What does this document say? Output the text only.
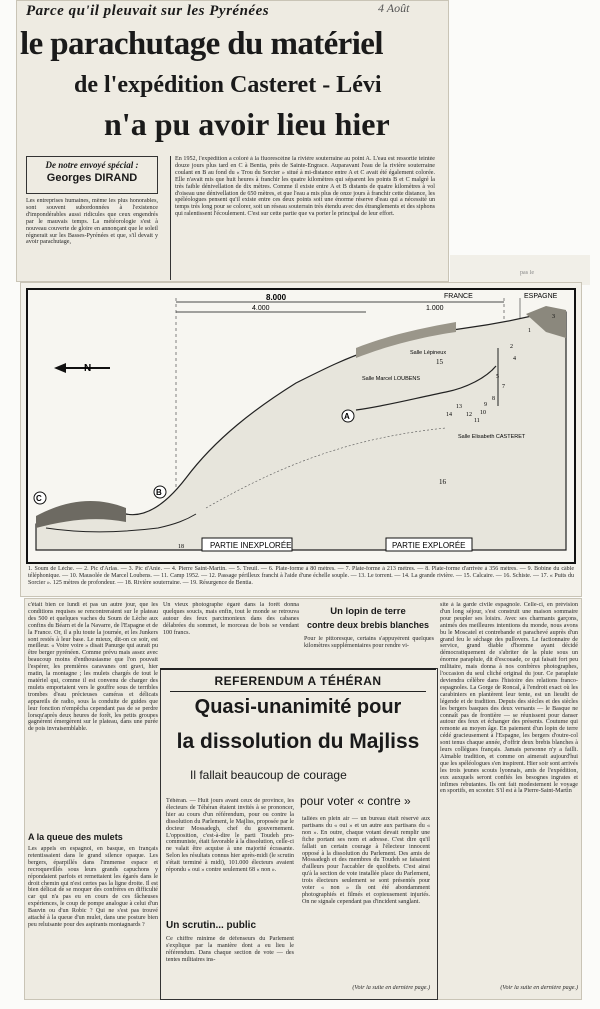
Parce qu'il pleuvait sur les Pyrénées	4 Août
le parachutage du matériel
de l'expédition Casteret - Lévi
n'a pu avoir lieu hier
De notre envoyé spécial :
Georges DIRAND
Les entreprises humaines, même les plus honorables, sont souvent subordonnées à l'existence d'impondérables aussi ridicules que ceux engendrés par le mauvais temps. La météorologie s'est à nouveau couverte de gloire en annonçant que le soleil régnerait sur les Basses-Pyrénées et que, s'il devait y avoir parachutage,
En 1952, l'expédition a coloré à la fluorescéine la rivière souterraine au point A. L'eau est ressortie teintée douze jours plus tard en C à Bentia, près de Sainte-Engrace. Auparavant l'eau de la rivière souterraine coulant en B au fond du « Trou du Sorcier » situé à mi-distance entre A et C avait été également colorée. Elle n'avait mis que huit heures à franchir les quatre kilomètres qui séparent les points B et C malgré la très faible dénivellation de dix mètres. Comme il existe entre A et B distants de quatre kilomètres à vol d'oiseau une dénivellation de 650 mètres, et que l'eau a mis plus de onze jours à franchir cette distance, les spéléologues pensent qu'il existe entre ces deux points soit une énorme réserve d'eau qui a nécessité un temps très long pour se colorer, soit un réseau souterrain très étendu avec des étranglements et des siphons qui ralentissent l'écoulement. C'est sur cette partie que va porter le principal de leur effort.
pas le
8.000
4.000	1.000
FRANCE	ESPAGNE
N
A
B
C
Salle Lépineux
Salle Marcel LOUBENS
Salle Elisabeth CASTERET
15
16
2
3
1
5
7
8
9
10
11
12
13
14
4
18	PARTIE INEXPLORÉE	PARTIE EXPLORÉE
1. Soum de Lèche. — 2. Pic d'Arlas. — 3. Pic d'Anie. — 4. Pierre Saint-Martin. — 5. Treuil. — 6. Plate-forme à 80 mètres. — 7. Plate-forme à 213 mètres. — 8. Plate-forme d'arrivée à 356 mètres. — 9. Bobine du câble téléphonique. — 10. Mausolée de Marcel Loubens. — 11. Camp 1952. — 12. Passage périlleux franchi à l'aide d'une échelle souple. — 13. Le torrent. — 14. La grande rivière. — 15. Calcaire. — 16. Schiste. — 17. « Puits du Sorcier ». 125 mètres de profondeur. — 18. Rivière souterraine. — 19. Résurgence de Bentia.
c'était bien ce lundi et pas un autre jour, que les conditions requises se rencontreraient sur le plateau des 500 et quelques vaches du Soum de Lèche aux confins du Béarn et de la Navarre, de l'Espagne et de la France. Or, il a plu toute la journée, et les Junkers sont restés à leur base. Le mieux, dit-on ce soir, est meilleur. « Voire voire » disait Panurge qui aurait pu être berger pyrénéen. Comme prévu mais assez avec beaucoup moins d'enthousiasme que l'on pouvait l'espérer, les premières caravanes ont gravi, hier matin, la montagne ; les mulets chargés de tout le matériel qui, comme il est convenu de charger des mulets emportaient vers le gouffre sous de terribles trombes d'eau précieuses caméras et délicats appareils de radio, sous la conduite de guides que leur fonction n'empêcha cependant pas de se perdre lorsqu'après deux heures de forêt, les petits groupes gagnèrent émergèrent sur le plateau, dans une purée de pois invraisemblable.
A la queue des mulets
Les appels en espagnol, en basque, en français retentissaient dans le grand silence opaque. Les bergers, éparpillés dans l'immense espace et recroquevillés sous leurs grands capuchons y répondaient parfois et remettaient les égarés dans le droit chemin qui n'est certes pas la ligne droite. Il est bien délicat de se moquer des confrères en difficulté car qui n'a pas eu en cours de ces fâcheuses expériences, le coup de pompe analogue à celui d'un Bauvin ou d'un Robic ? Qui ne s'est pas trouvé attaché à la queue d'un mulet, dans une posture bien peu reluisante pour des aspirants montagnards ?
Un vieux photographe égaré dans la forêt donna quelques soucis, mais enfin, tout le monde se retrouva autour des feux parcimonieux dans des cabanes délabrées du sommet, le morceau de bois se vendant 100 francs.
Un lopin de terre
contre deux brebis blanches
Pour le pittoresque, certains s'appuyèrent quelques kilomètres supplémentaires pour rendre vi-
site à la garde civile espagnole. Celle-ci, en prévision d'un long séjour, s'est construit une maison sommaire pour peupler ses loisirs. Avec ses charmants garçons, animés des meilleures intentions du monde, nous avons bu le Moscatel et contrebande et parachevé auprès d'un grand feu le séchage des pullovers. Le factionnaire de service, grand diable d'homme ayant décidé démocratiquement de s'abriter de la pluie sous un énorme parapluie, dit d'escouade, ce qui faisait fort peu militaire, mais donna à nos confrères photographes, l'occasion du seul cliché original du jour. Ce parapluie deviendra célèbre dans l'histoire des relations franco-espagnoles. La Gorge de Roncal, à l'endroit exact où les carabiniers en plantèrent leur tente, est un lieudit de légende et de tradition. Depuis des siècles et des siècles les bergers basques des deux versants — le Basque ne connaît pas de frontière — se réunissent pour danser autour des feux et échanger des présents. Coutume qui remonte au moyen âge. En paiement d'un lopin de terre cédé gracieusement à l'Espagne, les bergers d'outre-col sont tenus chaque année, d'offrir deux brebis blanches à leurs collègues français. Jamais personne n'y a failli. Aimable tradition, et comme on aimerait aujourd'hui que les spéléologues s'en inspirent. Hier soir sont arrivés les trois jeunes scouts lyonnais, amis de l'expédition, eux auxquels seront confiés les besognes ingrates et infimes rebutantes. Ils ont fait modestement le voyage en sportifs, en scooter. S'il est à la Pierre-Saint-Martin
(Voir la suite en dernière page.)
REFERENDUM A TÉHÉRAN
Quasi-unanimité pour
la dissolution du Majliss
Il fallait beaucoup de courage
pour voter « contre »
Téhéran. — Huit jours avant ceux de province, les électeurs de Téhéran étaient invités à se prononcer, hier au cours d'un référendum, pour ou contre la dissolution du Parlement, le Majliss, proposée par le docteur Mossadegh, chef du gouvernement. L'opposition, c'est-à-dire le parti Toudeh pro-communiste, était favorable à la dissolution, celle-ci ne valait être acquise à une majorité écrasante. Selon les résultats connus hier après-midi (le scrutin s'était terminé à midi), 101.000 électeurs avaient répondu « oui » contre seulement 68 « non ».
Un scrutin... public
Ce chiffre minime de défenseurs du Parlement s'explique par la manière dont a eu lieu le référendum. Dans chaque section de vote — des tentes militaires ins-
tallées en plein air — un bureau était réservé aux partisans du « oui » et un autre aux partisans du « non ». En outre, chaque votant devait remplir une fiche portant ses nom et adresse. C'est dire qu'il fallait un certain courage à l'électeur innocent opposé à la dissolution du Parlement. Des amis de Mossadegh et des membres du Toudeh se faisaient d'ailleurs pour l'accabler de quolibets. C'est ainsi qu'à la section de vote installée place du Parlement, trois électeurs seulement se sont présentés pour voter « non » ils ont été abondamment photographiés et filmés et copieusement injuriés. On ne signale cependant pas d'incident sanglant.
(Voir la suite en dernière page.)
